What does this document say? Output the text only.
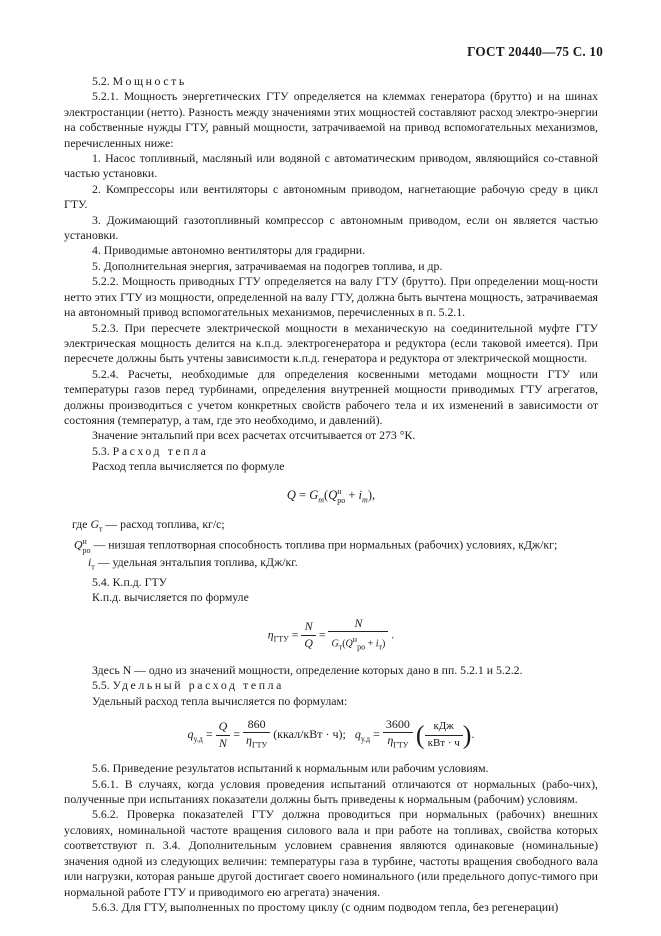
ГОСТ 20440—75 С. 10

5.2. Мощность

5.2.1. Мощность энергетических ГТУ определяется на клеммах генератора (брутто) и на шинах электростанции (нетто). Разность между значениями этих мощностей составляют расход электро-энергии на собственные нужды ГТУ, равный мощности, затрачиваемой на привод вспомогательных механизмов, перечисленных ниже:

1. Насос топливный, масляный или водяной с автоматическим приводом, являющийся со-ставной частью установки.

2. Компрессоры или вентиляторы с автономным приводом, нагнетающие рабочую среду в цикл ГТУ.

3. Дожимающий газотопливный компрессор с автономным приводом, если он является частью установки.

4. Приводимые автономно вентиляторы для градирни.

5. Дополнительная энергия, затрачиваемая на подогрев топлива, и др.

5.2.2. Мощность приводных ГТУ определяется на валу ГТУ (брутто). При определении мощ-ности нетто этих ГТУ из мощности, определенной на валу ГТУ, должна быть вычтена мощность, затрачиваемая на автономный привод вспомогательных механизмов, перечисленных в п. 5.2.1.

5.2.3. При пересчете электрической мощности в механическую на соединительной муфте ГТУ электрическая мощность делится на к.п.д. электрогенератора и редуктора (если таковой имеется). При пересчете должны быть учтены зависимости к.п.д. генератора и редуктора от электрической мощности.

5.2.4. Расчеты, необходимые для определения косвенными методами мощности ГТУ или температуры газов перед турбинами, определения внутренней мощности приводимых ГТУ агрегатов, должны производиться с учетом конкретных свойств рабочего тела и их изменений в зависимости от состояния (температур, а там, где это необходимо, и давлений).

Значение энтальпий при всех расчетах отсчитывается от 273 °К.

5.3. Расход тепла

Расход тепла вычисляется по формуле

$Q = G_т(Q$ н
ро + $i_т$),

где $G_т$ — расход топлива, кг/с;

Q н
ро — низшая теплотворная способность топлива при нормальных (рабочих) условиях, кДж/кг;

$i_т$ — удельная энтальпия топлива, кДж/кг.

5.4. К.п.д. ГТУ

К.п.д. вычисляется по формуле

$\eta_{ГТУ} = \frac{N}{Q} = \frac{N}{G_т(Q^н_{ро} + i_т)}$ .

Здесь N — одно из значений мощности, определение которых дано в пп. 5.2.1 и 5.2.2.

5.5. Удельный расход тепла

Удельный расход тепла вычисляется по формулам:

$q_{у.д} = \frac{Q}{N} = \frac{860}{\eta_{ГТУ}}$ (ккал/кВт · ч); $q_{у.д} = \frac{3600}{\eta_{ГТУ}}$ ( $\frac{\text{кДж}}{\text{кВт · ч}}$ ).

5.6. Приведение результатов испытаний к нормальным или рабочим условиям.

5.6.1. В случаях, когда условия проведения испытаний отличаются от нормальных (рабо-чих), полученные при испытаниях показатели должны быть приведены к нормальным (рабочим) условиям.

5.6.2. Проверка показателей ГТУ должна проводиться при нормальных (рабочих) внешних условиях, номинальной частоте вращения силового вала и при работе на топливах, свойства которых соответствуют п. 3.4. Дополнительным условием сравнения являются одинаковые (номинальные) значения одной из следующих величин: температуры газа в турбине, частоты вращения свободного вала или нагрузки, которая раньше другой достигает своего номинального (или предельного допус-тимого при нормальной работе ГТУ и приводимого ею агрегата) значения.

5.6.3. Для ГТУ, выполненных по простому циклу (с одним подводом тепла, без регенерации)
